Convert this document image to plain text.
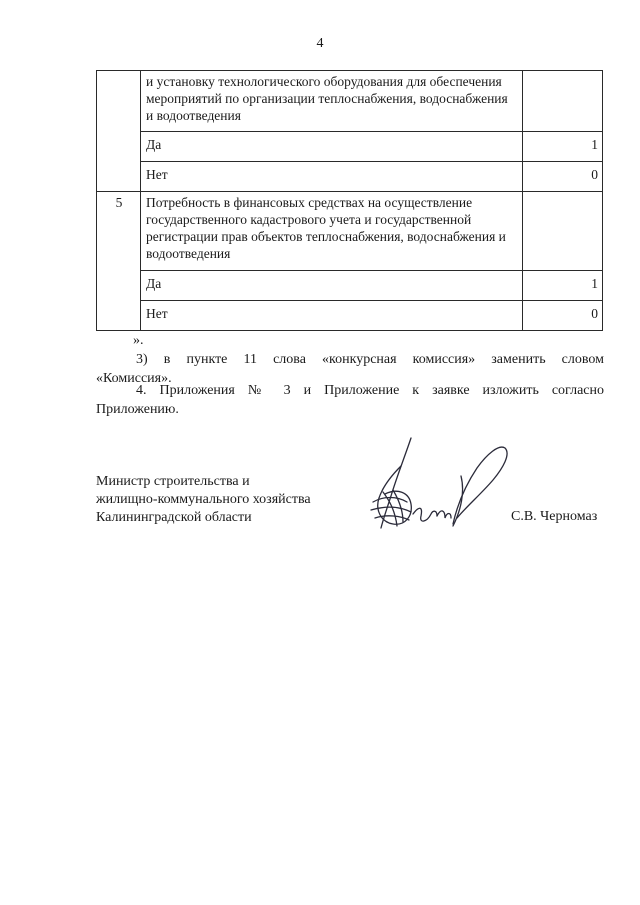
4
	и установку технологического оборудования для обеспечения мероприятий по организации теплоснабжения, водоснабжения и водоотведения	
	Да	1
	Нет	0
5	Потребность в финансовых средствах на осуществление государственного кадастрового учета и государственной регистрации прав объектов теплоснабжения, водоснабжения и водоотведения	
	Да	1
	Нет	0
».
3) в пункте 11 слова «конкурсная комиссия» заменить словом
«Комиссия».
4. Приложения № 3 и Приложение к заявке изложить согласно
Приложению.
Министр строительства и
жилищно-коммунального хозяйства
Калининградской области	С.В. Черномаз
